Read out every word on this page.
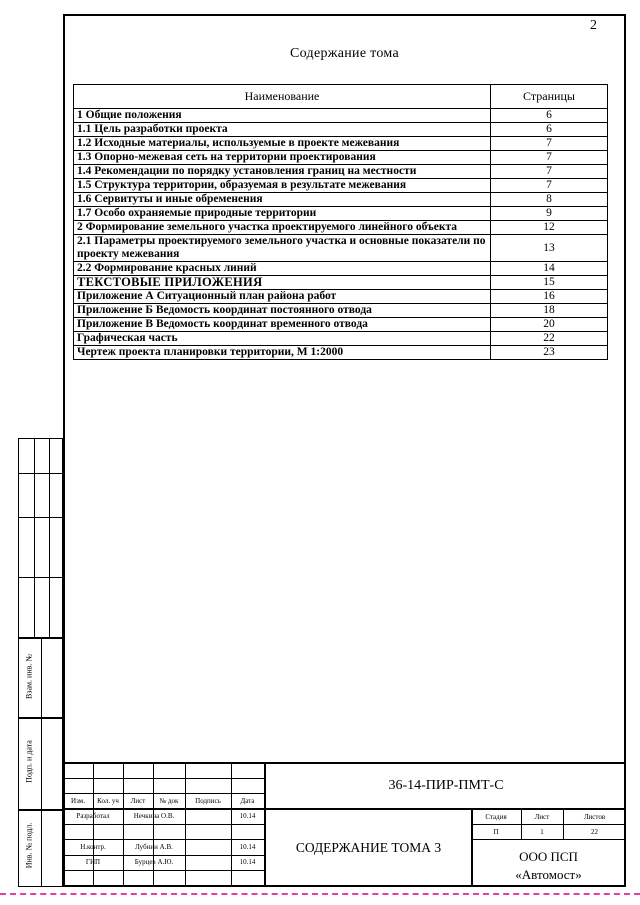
2
Содержание тома
Наименование	Страницы
1 Общие положения	6
1.1 Цель разработки проекта	6
1.2 Исходные материалы, используемые в проекте межевания	7
1.3 Опорно-межевая сеть на территории проектирования	7
1.4 Рекомендации по порядку установления границ на местности	7
1.5 Структура территории, образуемая в результате межевания	7
1.6 Сервитуты и иные обременения	8
1.7 Особо охраняемые природные территории	9
2 Формирование земельного участка проектируемого линейного объекта	12
2.1 Параметры проектируемого земельного участка и основные показатели по проекту межевания	13
2.2 Формирование красных линий	14
ТЕКСТОВЫЕ ПРИЛОЖЕНИЯ	15
Приложение А Ситуационный план района работ	16
Приложение Б Ведомость координат постоянного отвода	18
Приложение В Ведомость координат временного отвода	20
Графическая часть	22
Чертеж проекта планировки территории, М 1:2000	23
Взам. инв. №
Подп. и дата
Инв. № подл.
Изм.	Кол. уч	Лист	№ док	Подпись	Дата
Разработал	Нечкина О.В.	10.14
Н.контр.	Лубнин А.В.	10.14
ГИП	Бурцев А.Ю.	10.14
36-14-ПИР-ПМТ-С
СОДЕРЖАНИЕ ТОМА 3
Стадия	Лист	Листов
П	1	22
ООО ПСП
«Автомост»
